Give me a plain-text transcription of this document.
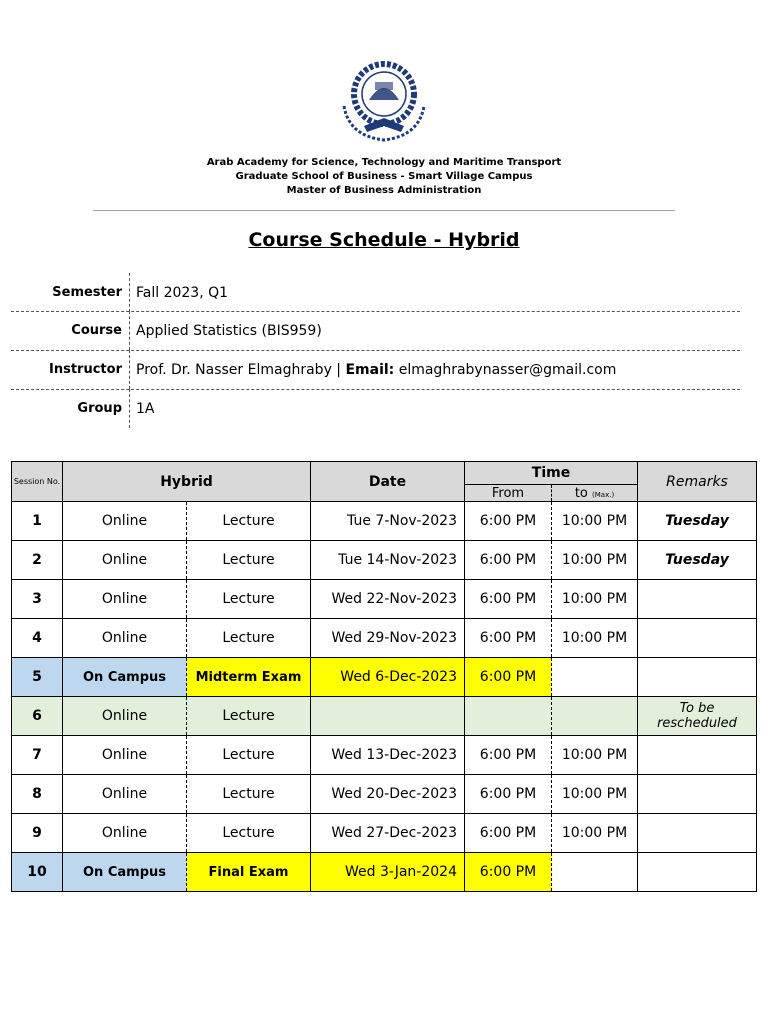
Arab Academy for Science, Technology and Maritime Transport
Graduate School of Business - Smart Village Campus
Master of Business Administration
Course Schedule - Hybrid
Semester Fall 2023, Q1
Course Applied Statistics (BIS959)
Instructor Prof. Dr. Nasser Elmaghraby | Email: elmaghrabynasser@gmail.com
Group 1A
Session No.	Hybrid		Date	Time		Remarks
				From	to (Max.)	
1	Online	Lecture	Tue 7-Nov-2023	6:00 PM	10:00 PM	Tuesday
2	Online	Lecture	Tue 14-Nov-2023	6:00 PM	10:00 PM	Tuesday
3	Online	Lecture	Wed 22-Nov-2023	6:00 PM	10:00 PM	
4	Online	Lecture	Wed 29-Nov-2023	6:00 PM	10:00 PM	
5	On Campus	Midterm Exam	Wed 6-Dec-2023	6:00 PM		
6	Online	Lecture				To be rescheduled
7	Online	Lecture	Wed 13-Dec-2023	6:00 PM	10:00 PM	
8	Online	Lecture	Wed 20-Dec-2023	6:00 PM	10:00 PM	
9	Online	Lecture	Wed 27-Dec-2023	6:00 PM	10:00 PM	
10	On Campus	Final Exam	Wed 3-Jan-2024	6:00 PM		
